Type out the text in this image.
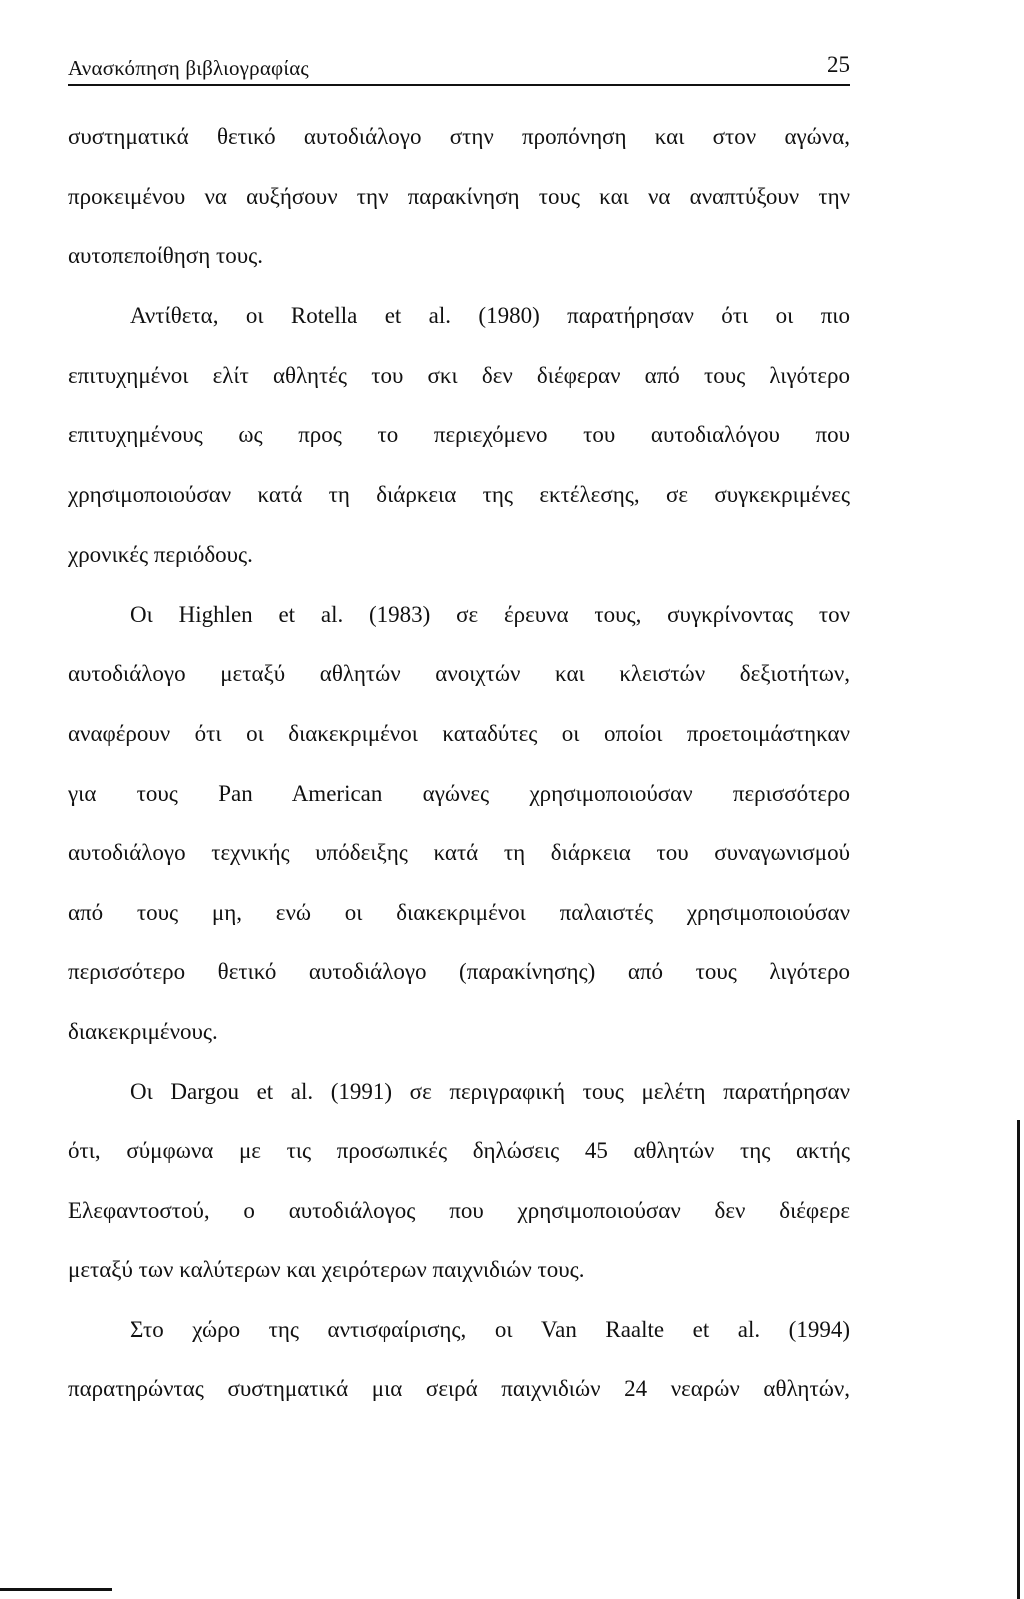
Ανασκόπηση βιβλιογραφίας	25
συστηματικά θετικό αυτοδιάλογο στην προπόνηση και στον αγώνα,
προκειμένου να αυξήσουν την παρακίνηση τους και να αναπτύξουν την
αυτοπεποίθηση τους.
Αντίθετα, οι Rotella et al. (1980) παρατήρησαν ότι οι πιο
επιτυχημένοι ελίτ αθλητές του σκι δεν διέφεραν από τους λιγότερο
επιτυχημένους ως προς το περιεχόμενο του αυτοδιαλόγου που
χρησιμοποιούσαν κατά τη διάρκεια της εκτέλεσης, σε συγκεκριμένες
χρονικές περιόδους.
Οι Highlen et al. (1983) σε έρευνα τους, συγκρίνοντας τον
αυτοδιάλογο μεταξύ αθλητών ανοιχτών και κλειστών δεξιοτήτων,
αναφέρουν ότι οι διακεκριμένοι καταδύτες οι οποίοι προετοιμάστηκαν
για τους Pan American αγώνες χρησιμοποιούσαν περισσότερο
αυτοδιάλογο τεχνικής υπόδειξης κατά τη διάρκεια του συναγωνισμού
από τους μη, ενώ οι διακεκριμένοι παλαιστές χρησιμοποιούσαν
περισσότερο θετικό αυτοδιάλογο (παρακίνησης) από τους λιγότερο
διακεκριμένους.
Οι Dargou et al. (1991) σε περιγραφική τους μελέτη παρατήρησαν
ότι, σύμφωνα με τις προσωπικές δηλώσεις 45 αθλητών της ακτής
Ελεφαντοστού, ο αυτοδιάλογος που χρησιμοποιούσαν δεν διέφερε
μεταξύ των καλύτερων και χειρότερων παιχνιδιών τους.
Στο χώρο της αντισφαίρισης, οι Van Raalte et al. (1994)
παρατηρώντας συστηματικά μια σειρά παιχνιδιών 24 νεαρών αθλητών,
